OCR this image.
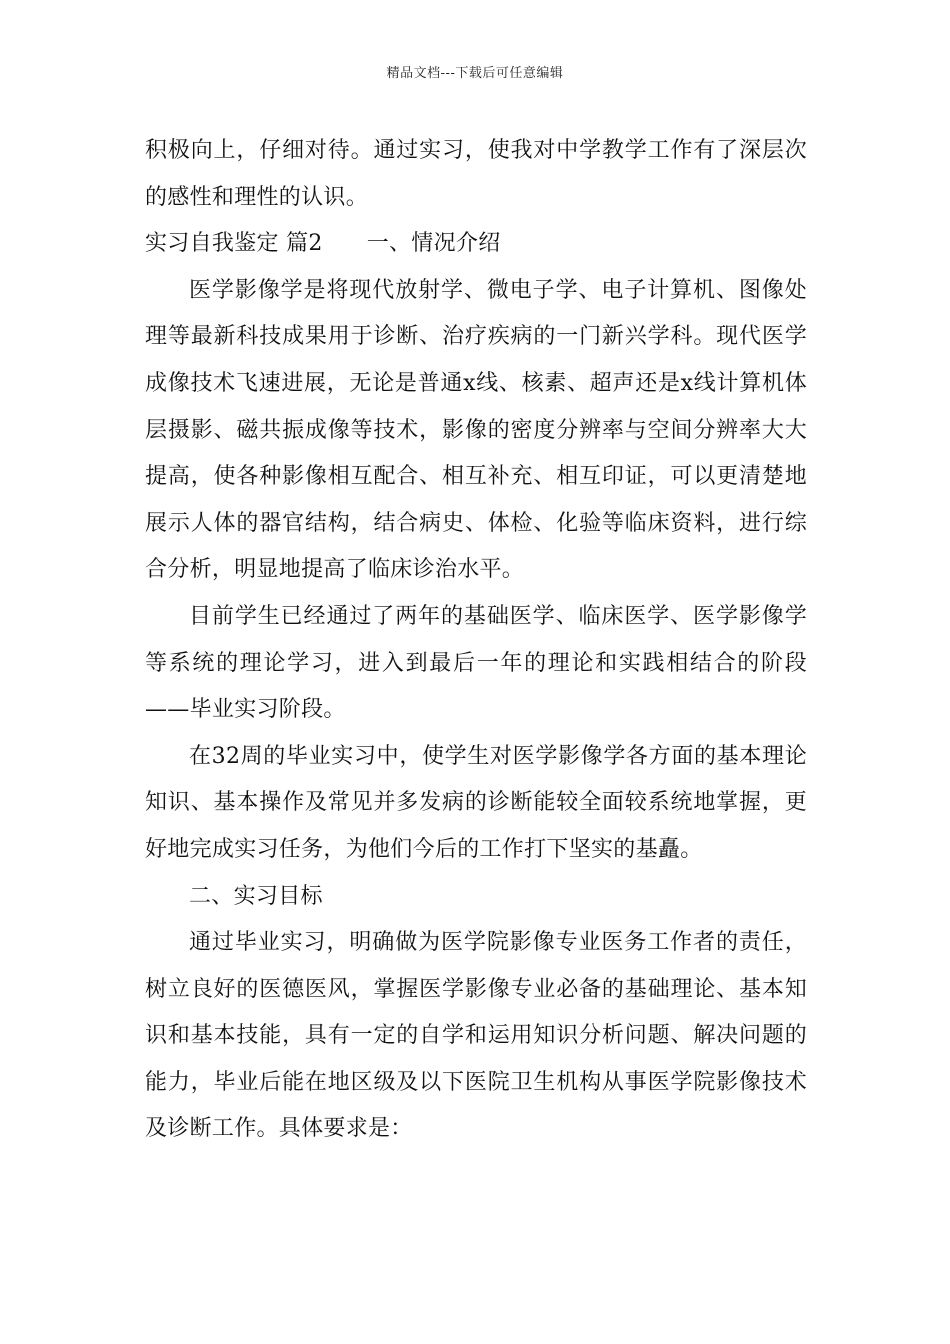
精品文档---下载后可任意编辑

积极向上，仔细对待。通过实习，使我对中学教学工作有了深层次的感性和理性的认识。

实习自我鉴定 篇2 一、情况介绍

医学影像学是将现代放射学、微电子学、电子计算机、图像处理等最新科技成果用于诊断、治疗疾病的一门新兴学科。现代医学成像技术飞速进展，无论是普通x线、核素、超声还是x线计算机体层摄影、磁共振成像等技术，影像的密度分辨率与空间分辨率大大提高，使各种影像相互配合、相互补充、相互印证，可以更清楚地展示人体的器官结构，结合病史、体检、化验等临床资料，进行综合分析，明显地提高了临床诊治水平。

目前学生已经通过了两年的基础医学、临床医学、医学影像学等系统的理论学习，进入到最后一年的理论和实践相结合的阶段——毕业实习阶段。

在32周的毕业实习中，使学生对医学影像学各方面的基本理论知识、基本操作及常见并多发病的诊断能较全面较系统地掌握，更好地完成实习任务，为他们今后的工作打下坚实的基矗。

二、实习目标

通过毕业实习，明确做为医学院影像专业医务工作者的责任，树立良好的医德医风，掌握医学影像专业必备的基础理论、基本知识和基本技能，具有一定的自学和运用知识分析问题、解决问题的能力，毕业后能在地区级及以下医院卫生机构从事医学院影像技术及诊断工作。具体要求是：
